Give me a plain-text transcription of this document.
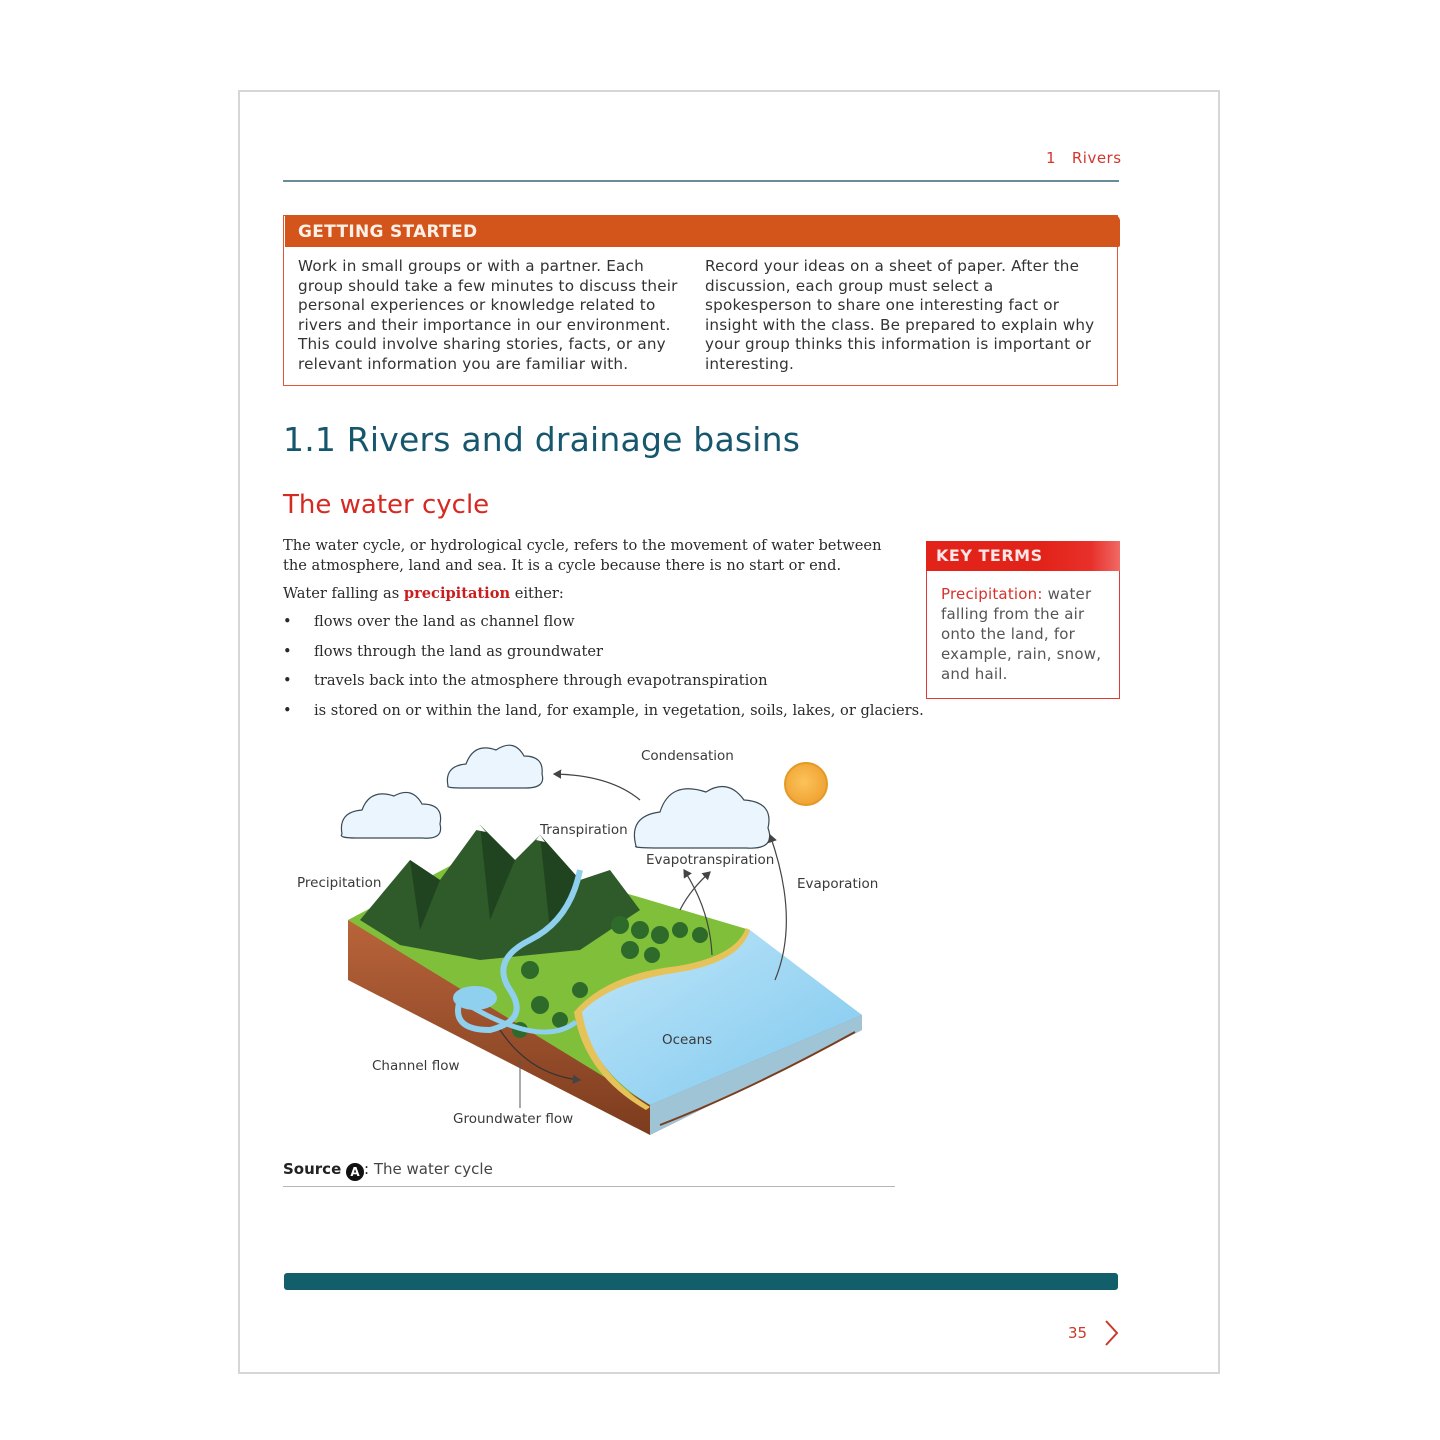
1 Rivers
GETTING STARTED
Work in small groups or with a partner. Each group should take a few minutes to discuss their personal experiences or knowledge related to rivers and their importance in our environment. This could involve sharing stories, facts, or any relevant information you are familiar with.
Record your ideas on a sheet of paper. After the discussion, each group must select a spokesperson to share one interesting fact or insight with the class. Be prepared to explain why your group thinks this information is important or interesting.
1.1 Rivers and drainage basins
The water cycle
The water cycle, or hydrological cycle, refers to the movement of water between the atmosphere, land and sea. It is a cycle because there is no start or end.
Water falling as precipitation either:
• flows over the land as channel flow
• flows through the land as groundwater
• travels back into the atmosphere through evapotranspiration
• is stored on or within the land, for example, in vegetation, soils, lakes, or glaciers.
KEY TERMS
Precipitation: water falling from the air onto the land, for example, rain, snow, and hail.
Condensation
Transpiration
Evapotranspiration
Evaporation
Precipitation
Oceans
Channel flow
Groundwater flow
Source A : The water cycle
35
